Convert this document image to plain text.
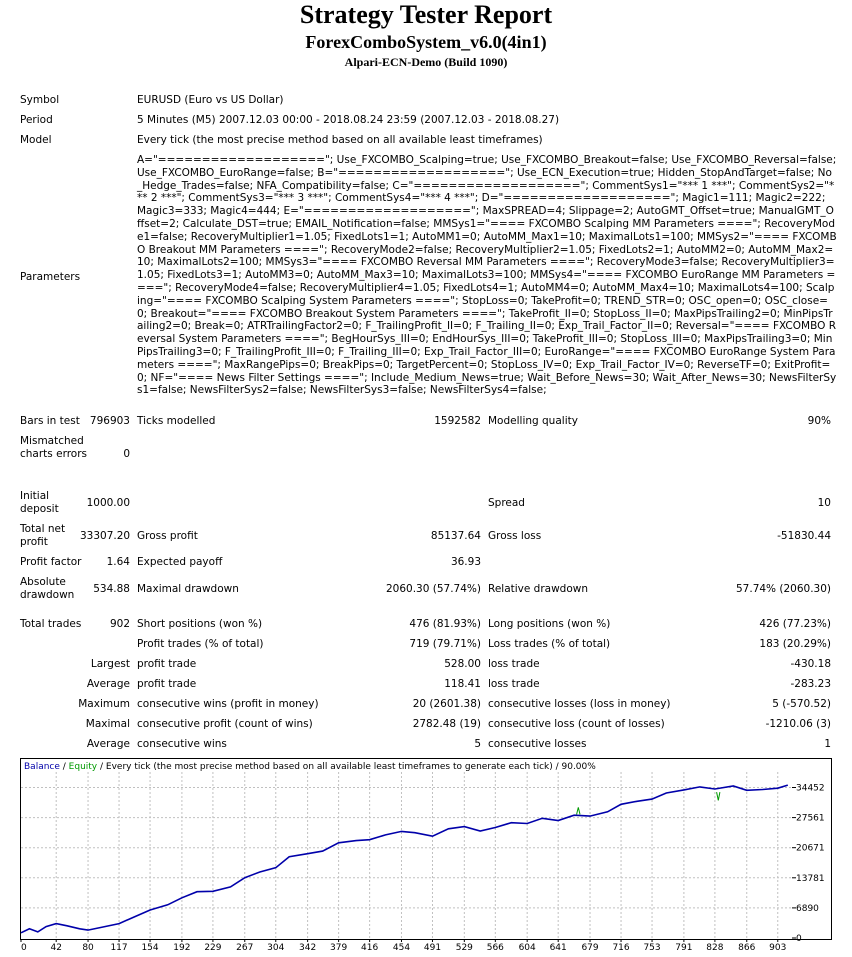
Strategy Tester Report
ForexComboSystem_v6.0(4in1)
Alpari-ECN-Demo (Build 1090)
Symbol	EURUSD (Euro vs US Dollar)
Period	5 Minutes (M5) 2007.12.03 00:00 - 2018.08.24 23:59 (2007.12.03 - 2018.08.27)
Model	Every tick (the most precise method based on all available least timeframes)
Parameters
A="==================="; Use_FXCOMBO_Scalping=true; Use_FXCOMBO_Breakout=false; Use_FXCOMBO_Reversal=false; Use_FXCOMBO_EuroRange=false; B="==================="; Use_ECN_Execution=true; Hidden_StopAndTarget=false; No_Hedge_Trades=false; NFA_Compatibility=false; C="==================="; CommentSys1="*** 1 ***"; CommentSys2="*** 2 ***"; CommentSys3="*** 3 ***"; CommentSys4="*** 4 ***"; D="==================="; Magic1=111; Magic2=222; Magic3=333; Magic4=444; E="==================="; MaxSPREAD=4; Slippage=2; AutoGMT_Offset=true; ManualGMT_Offset=2; Calculate_DST=true; EMAIL_Notification=false; MMSys1="==== FXCOMBO Scalping MM Parameters ===="; RecoveryMode1=false; RecoveryMultiplier1=1.05; FixedLots1=1; AutoMM1=0; AutoMM_Max1=10; MaximalLots1=100; MMSys2="==== FXCOMBO Breakout MM Parameters ===="; RecoveryMode2=false; RecoveryMultiplier2=1.05; FixedLots2=1; AutoMM2=0; AutoMM_Max2=10; MaximalLots2=100; MMSys3="==== FXCOMBO Reversal MM Parameters ===="; RecoveryMode3=false; RecoveryMultiplier3=1.05; FixedLots3=1; AutoMM3=0; AutoMM_Max3=10; MaximalLots3=100; MMSys4="==== FXCOMBO EuroRange MM Parameters ===="; RecoveryMode4=false; RecoveryMultiplier4=1.05; FixedLots4=1; AutoMM4=0; AutoMM_Max4=10; MaximalLots4=100; Scalping="==== FXCOMBO Scalping System Parameters ===="; StopLoss=0; TakeProfit=0; TREND_STR=0; OSC_open=0; OSC_close=0; Breakout="==== FXCOMBO Breakout System Parameters ===="; TakeProfit_II=0; StopLoss_II=0; MaxPipsTrailing2=0; MinPipsTrailing2=0; Break=0; ATRTrailingFactor2=0; F_TrailingProfit_II=0; F_Trailing_II=0; Exp_Trail_Factor_II=0; Reversal="==== FXCOMBO Reversal System Parameters ===="; BegHourSys_III=0; EndHourSys_III=0; TakeProfit_III=0; StopLoss_III=0; MaxPipsTrailing3=0; MinPipsTrailing3=0; F_TrailingProfit_III=0; F_Trailing_III=0; Exp_Trail_Factor_III=0; EuroRange="==== FXCOMBO EuroRange System Parameters ===="; MaxRangePips=0; BreakPips=0; TargetPercent=0; StopLoss_IV=0; Exp_Trail_Factor_IV=0; ReverseTF=0; ExitProfit=0; NF="==== News Filter Settings ===="; Include_Medium_News=true; Wait_Before_News=30; Wait_After_News=30; NewsFilterSys1=false; NewsFilterSys2=false; NewsFilterSys3=false; NewsFilterSys4=false;
Bars in test 796903 Ticks modelled	1592582 Modelling quality	90%
Mismatched charts errors	0
Initial deposit	1000.00	Spread	10
Total net profit	33307.20 Gross profit	85137.64 Gross loss	-51830.44
Profit factor	1.64 Expected payoff	36.93
Absolute drawdown	534.88 Maximal drawdown	2060.30 (57.74%) Relative drawdown	57.74% (2060.30)
Total trades	902 Short positions (won %)	476 (81.93%) Long positions (won %)	426 (77.23%)
Profit trades (% of total)	719 (79.71%) Loss trades (% of total)	183 (20.29%)
Largest profit trade	528.00 loss trade	-430.18
Average profit trade	118.41 loss trade	-283.23
Maximum consecutive wins (profit in money)	20 (2601.38) consecutive losses (loss in money)	5 (-570.52)
Maximal consecutive profit (count of wins)	2782.48 (19) consecutive loss (count of losses)	-1210.06 (3)
Average consecutive wins	5 consecutive losses	1
Balance / Equity / Every tick (the most precise method based on all available least timeframes to generate each tick) / 90.00%
34452
27561
20671
13781
6890
0
0	42 80 117 154 192 229 267 304 342 379 416 454 491 529 566 604 641 679 716 753 791 828 866 903
